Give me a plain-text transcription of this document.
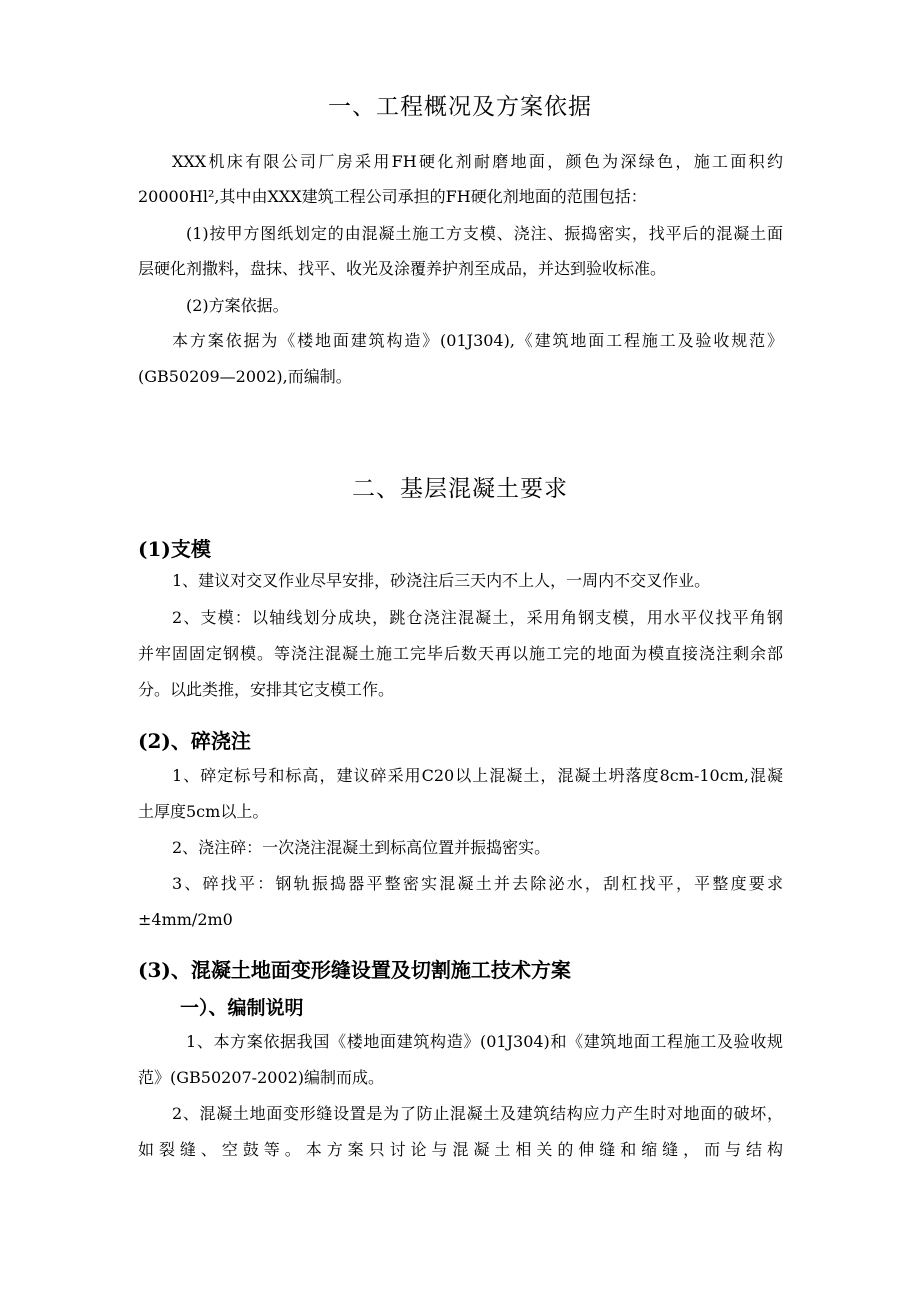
一、工程概况及方案依据

XXX机床有限公司厂房采用FH硬化剂耐磨地面，颜色为深绿色，施工面积约

20000Hl²,其中由XXX建筑工程公司承担的FH硬化剂地面的范围包括：

(1)按甲方图纸划定的由混凝土施工方支模、浇注、振捣密实，找平后的混凝土面

层硬化剂撒料，盘抹、找平、收光及涂覆养护剂至成品，并达到验收标准。

(2)方案依据。

本方案依据为《楼地面建筑构造》(01J304),《建筑地面工程施工及验收规范》

(GB50209—2002),而编制。

二、基层混凝土要求
(1)支模

1、建议对交叉作业尽早安排，砂浇注后三天内不上人，一周内不交叉作业。

2、支模：以轴线划分成块，跳仓浇注混凝土，采用角钢支模，用水平仪找平角钢

并牢固固定钢模。等浇注混凝土施工完毕后数天再以施工完的地面为模直接浇注剩余部

分。以此类推，安排其它支模工作。

(2)、碎浇注

1、碎定标号和标高，建议碎采用C20以上混凝土，混凝土坍落度8cm-10cm,混凝

土厚度5cm以上。

2、浇注碎：一次浇注混凝土到标高位置并振捣密实。

3、碎找平：钢轨振捣器平整密实混凝土并去除泌水，刮杠找平，平整度要求

±4mm∕2m0

(3)、混凝土地面变形缝设置及切割施工技术方案
一）、编制说明

1、本方案依据我国《楼地面建筑构造》(01J304)和《建筑地面工程施工及验收规

范》(GB50207-2002)编制而成。

2、混凝土地面变形缝设置是为了防止混凝土及建筑结构应力产生时对地面的破坏，

如裂缝、空鼓等。本方案只讨论与混凝土相关的伸缝和缩缝，而与结构
